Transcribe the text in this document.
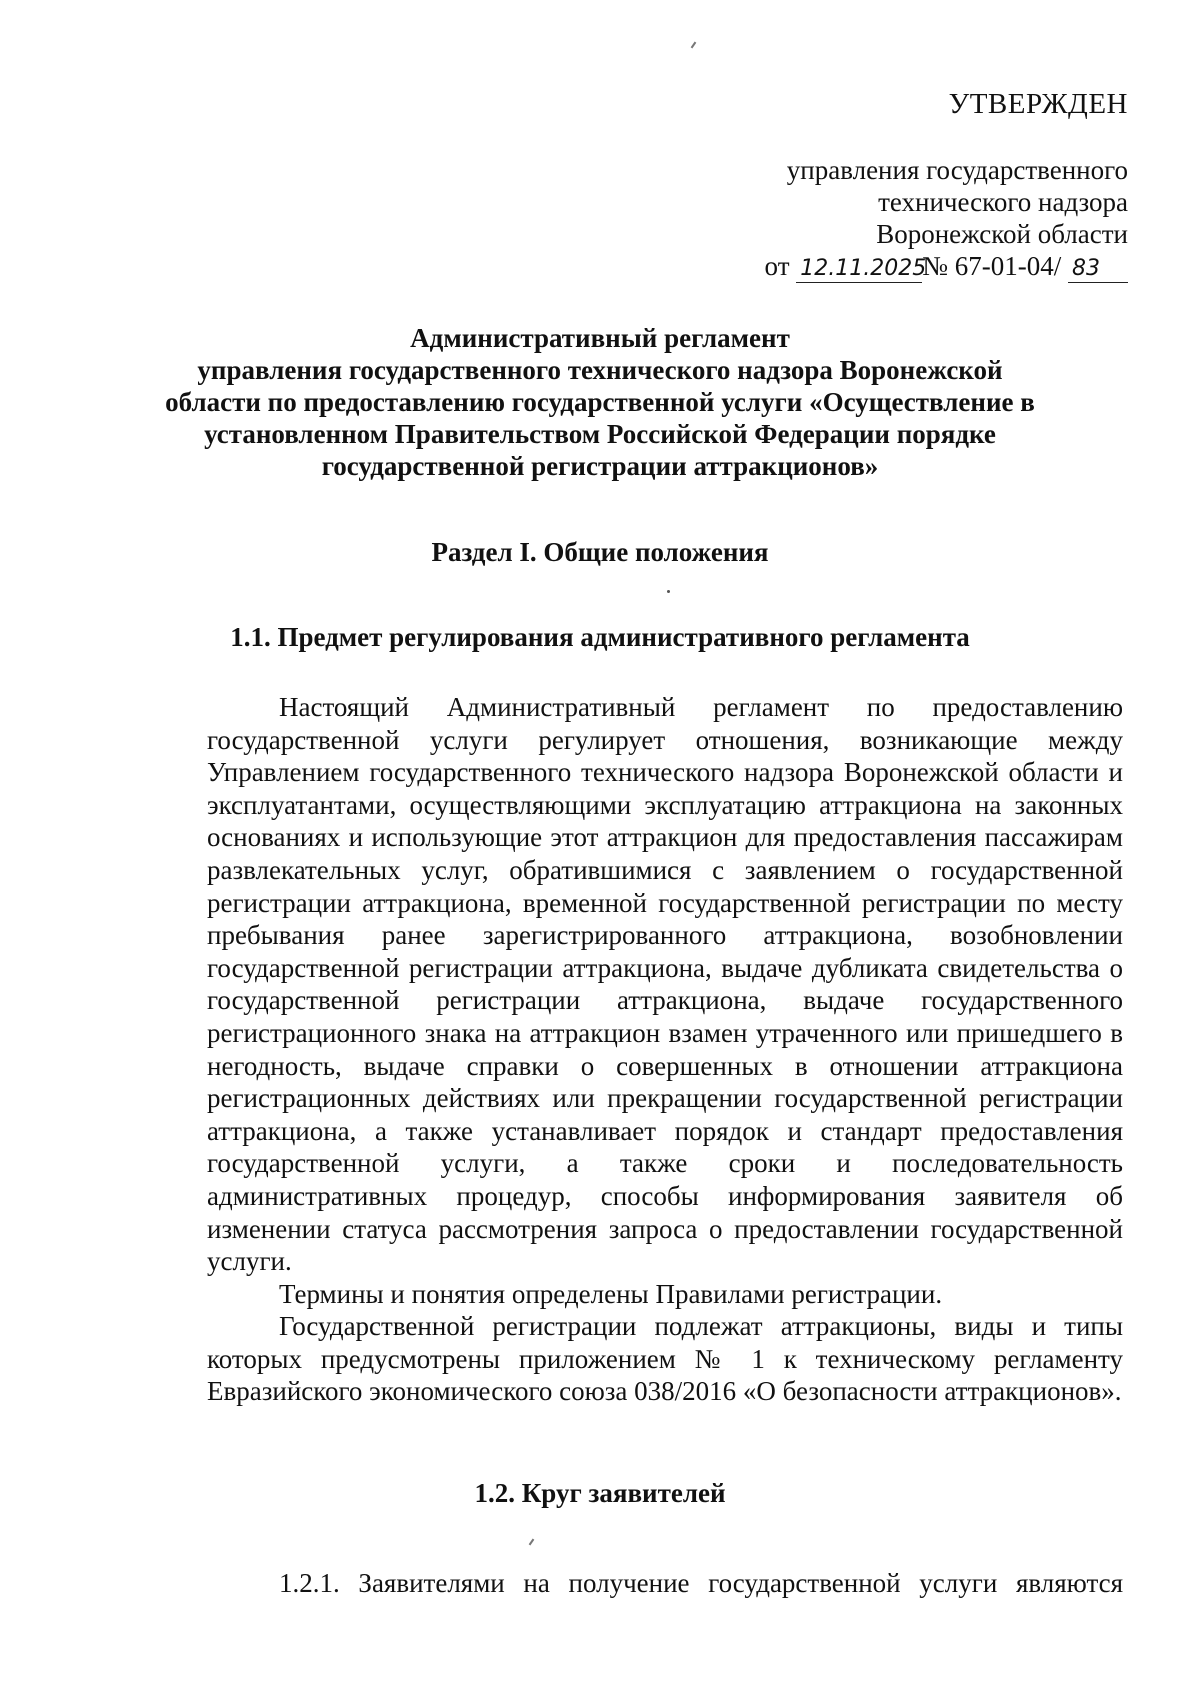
УТВЕРЖДЕН
управления государственного
технического надзора
Воронежской области
от 12.11.2025№ 67-01-04/ 83
Административный регламент
управления государственного технического надзора Воронежской
области по предоставлению государственной услуги «Осуществление в
установленном Правительством Российской Федерации порядке
государственной регистрации аттракционов»
Раздел I. Общие положения
1.1. Предмет регулирования административного регламента

Настоящий Административный регламент по предоставлению государственной услуги регулирует отношения, возникающие между Управлением государственного технического надзора Воронежской области и эксплуатантами, осуществляющими эксплуатацию аттракциона на законных основаниях и использующие этот аттракцион для предоставления пассажирам развлекательных услуг, обратившимися с заявлением о государственной регистрации аттракциона, временной государственной регистрации по месту пребывания ранее зарегистрированного аттракциона, возобновлении государственной регистрации аттракциона, выдаче дубликата свидетельства о государственной регистрации аттракциона, выдаче государственного регистрационного знака на аттракцион взамен утраченного или пришедшего в негодность, выдаче справки о совершенных в отношении аттракциона регистрационных действиях или прекращении государственной регистрации аттракциона, а также устанавливает порядок и стандарт предоставления государственной услуги, а также сроки и последовательность административных процедур, способы информирования заявителя об изменении статуса рассмотрения запроса о предоставлении государственной услуги.

Термины и понятия определены Правилами регистрации.

Государственной регистрации подлежат аттракционы, виды и типы которых предусмотрены приложением № 1 к техническому регламенту Евразийского экономического союза 038/2016 «О безопасности аттракционов».

1.2. Круг заявителей

1.2.1. Заявителями на получение государственной услуги являются
